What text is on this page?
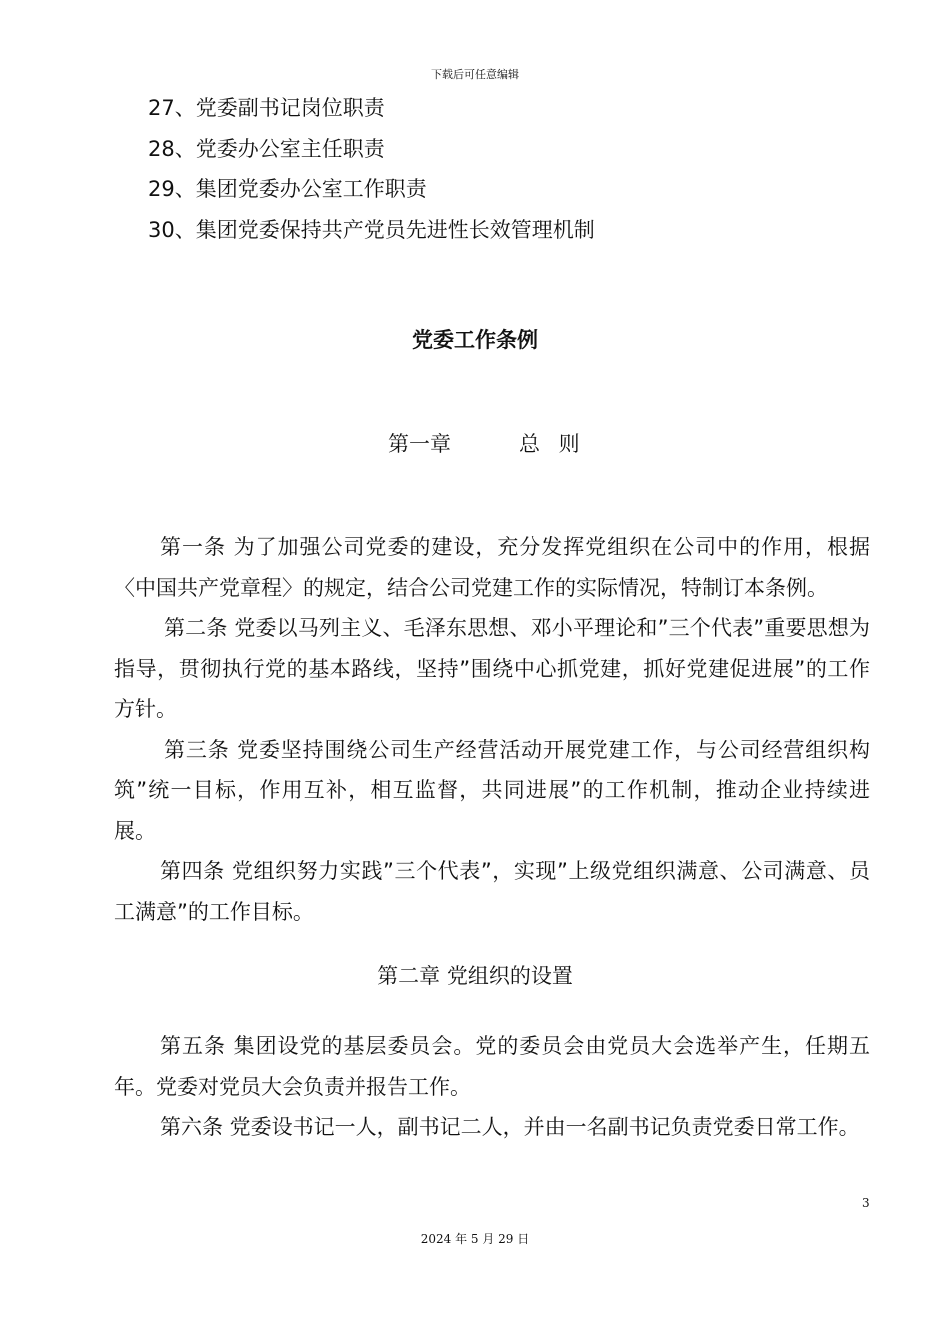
下载后可任意编辑
27、党委副书记岗位职责
28、党委办公室主任职责
29、集团党委办公室工作职责
30、集团党委保持共产党员先进性长效管理机制
党委工作条例
第一章	总 则
第一条 为了加强公司党委的建设，充分发挥党组织在公司中的作用，根据〈中国共产党章程〉的规定，结合公司党建工作的实际情况，特制订本条例。
第二条 党委以马列主义、毛泽东思想、邓小平理论和”三个代表”重要思想为指导，贯彻执行党的基本路线，坚持”围绕中心抓党建，抓好党建促进展”的工作方针。
第三条 党委坚持围绕公司生产经营活动开展党建工作，与公司经营组织构筑”统一目标，作用互补，相互监督，共同进展”的工作机制，推动企业持续进展。
第四条 党组织努力实践”三个代表”，实现”上级党组织满意、公司满意、员工满意”的工作目标。
第二章 党组织的设置
第五条 集团设党的基层委员会。党的委员会由党员大会选举产生，任期五年。党委对党员大会负责并报告工作。
第六条 党委设书记一人，副书记二人，并由一名副书记负责党委日常工作。
3
2024 年 5 月 29 日
